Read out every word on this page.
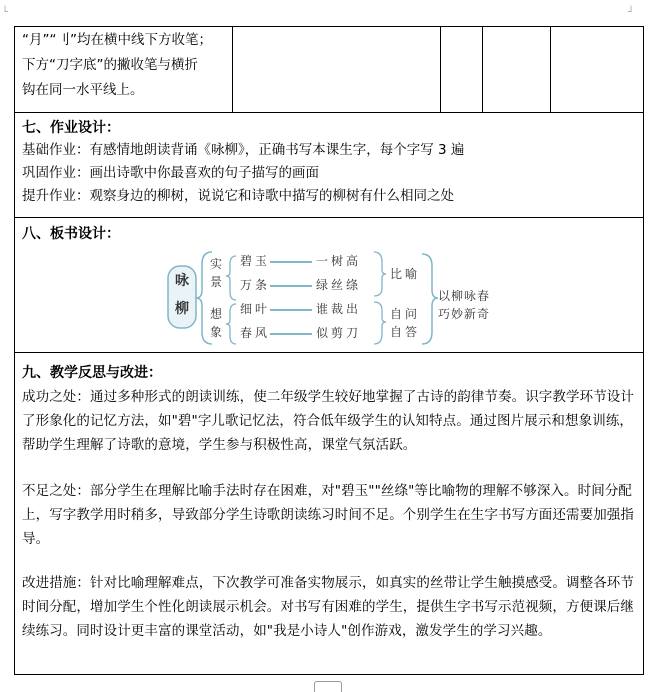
└	┘
“月”“刂”均在横中线下方收笔；
下方“刀字底”的撇收笔与横折
钩在同一水平线上。
七、作业设计：
基础作业：有感情地朗读背诵《咏柳》，正确书写本课生字，每个字写 3 遍
巩固作业：画出诗歌中你最喜欢的句子描写的画面
提升作业：观察身边的柳树，说说它和诗歌中描写的柳树有什么相同之处
八、板书设计：
咏
柳
实
景
想
象
碧玉
万条
细叶
春风
一树高
绿丝绦
谁裁出
似剪刀
比喻
自问
自答
以柳咏春
巧妙新奇
九、教学反思与改进：
成功之处：通过多种形式的朗读训练，使二年级学生较好地掌握了古诗的韵律节奏。识字教学环节设计了形象化的记忆方法，如"碧"字儿歌记忆法，符合低年级学生的认知特点。通过图片展示和想象训练，帮助学生理解了诗歌的意境，学生参与积极性高，课堂气氛活跃。
不足之处：部分学生在理解比喻手法时存在困难，对"碧玉""丝绦"等比喻物的理解不够深入。时间分配上，写字教学用时稍多，导致部分学生诗歌朗读练习时间不足。个别学生在生字书写方面还需要加强指导。
改进措施：针对比喻理解难点，下次教学可准备实物展示，如真实的丝带让学生触摸感受。调整各环节时间分配，增加学生个性化朗读展示机会。对书写有困难的学生，提供生字书写示范视频，方便课后继续练习。同时设计更丰富的课堂活动，如"我是小诗人"创作游戏，激发学生的学习兴趣。
